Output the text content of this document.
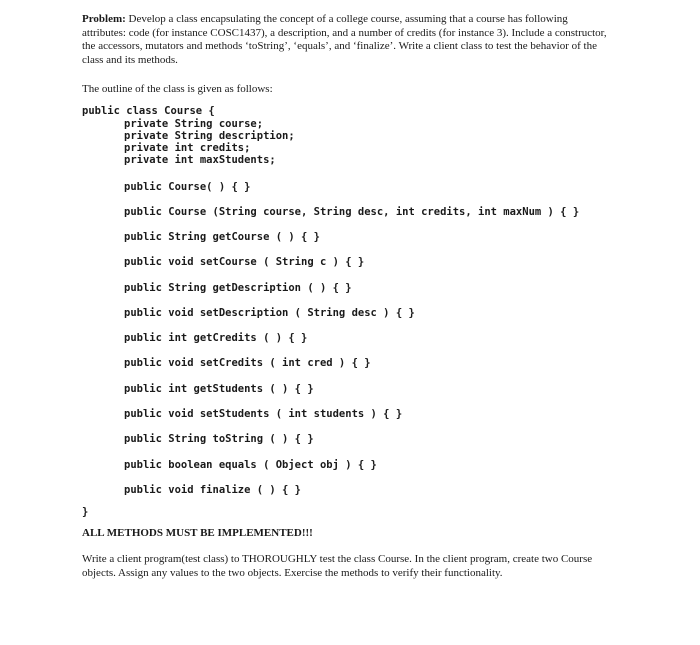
Problem: Develop a class encapsulating the concept of a college course, assuming that a course has following attributes: code (for instance COSC1437), a description, and a number of credits (for instance 3). Include a constructor, the accessors, mutators and methods ‘toString’, ‘equals’, and ‘finalize’. Write a client class to test the behavior of the class and its methods.
The outline of the class is given as follows:
public class Course {
private String course;
private String description;
private int credits;
private int maxStudents;
public Course( ) { }
public Course (String course, String desc, int credits, int maxNum ) { }
public String getCourse ( ) { }
public void setCourse ( String c ) { }
public String getDescription ( ) { }
public void setDescription ( String desc ) { }
public int getCredits ( ) { }
public void setCredits ( int cred ) { }
public int getStudents ( ) { }
public void setStudents ( int students ) { }
public String toString ( ) { }
public boolean equals ( Object obj ) { }
public void finalize ( ) { }
}
ALL METHODS MUST BE IMPLEMENTED!!!
Write a client program(test class) to THOROUGHLY test the class Course. In the client program, create two Course objects. Assign any values to the two objects. Exercise the methods to verify their functionality.
